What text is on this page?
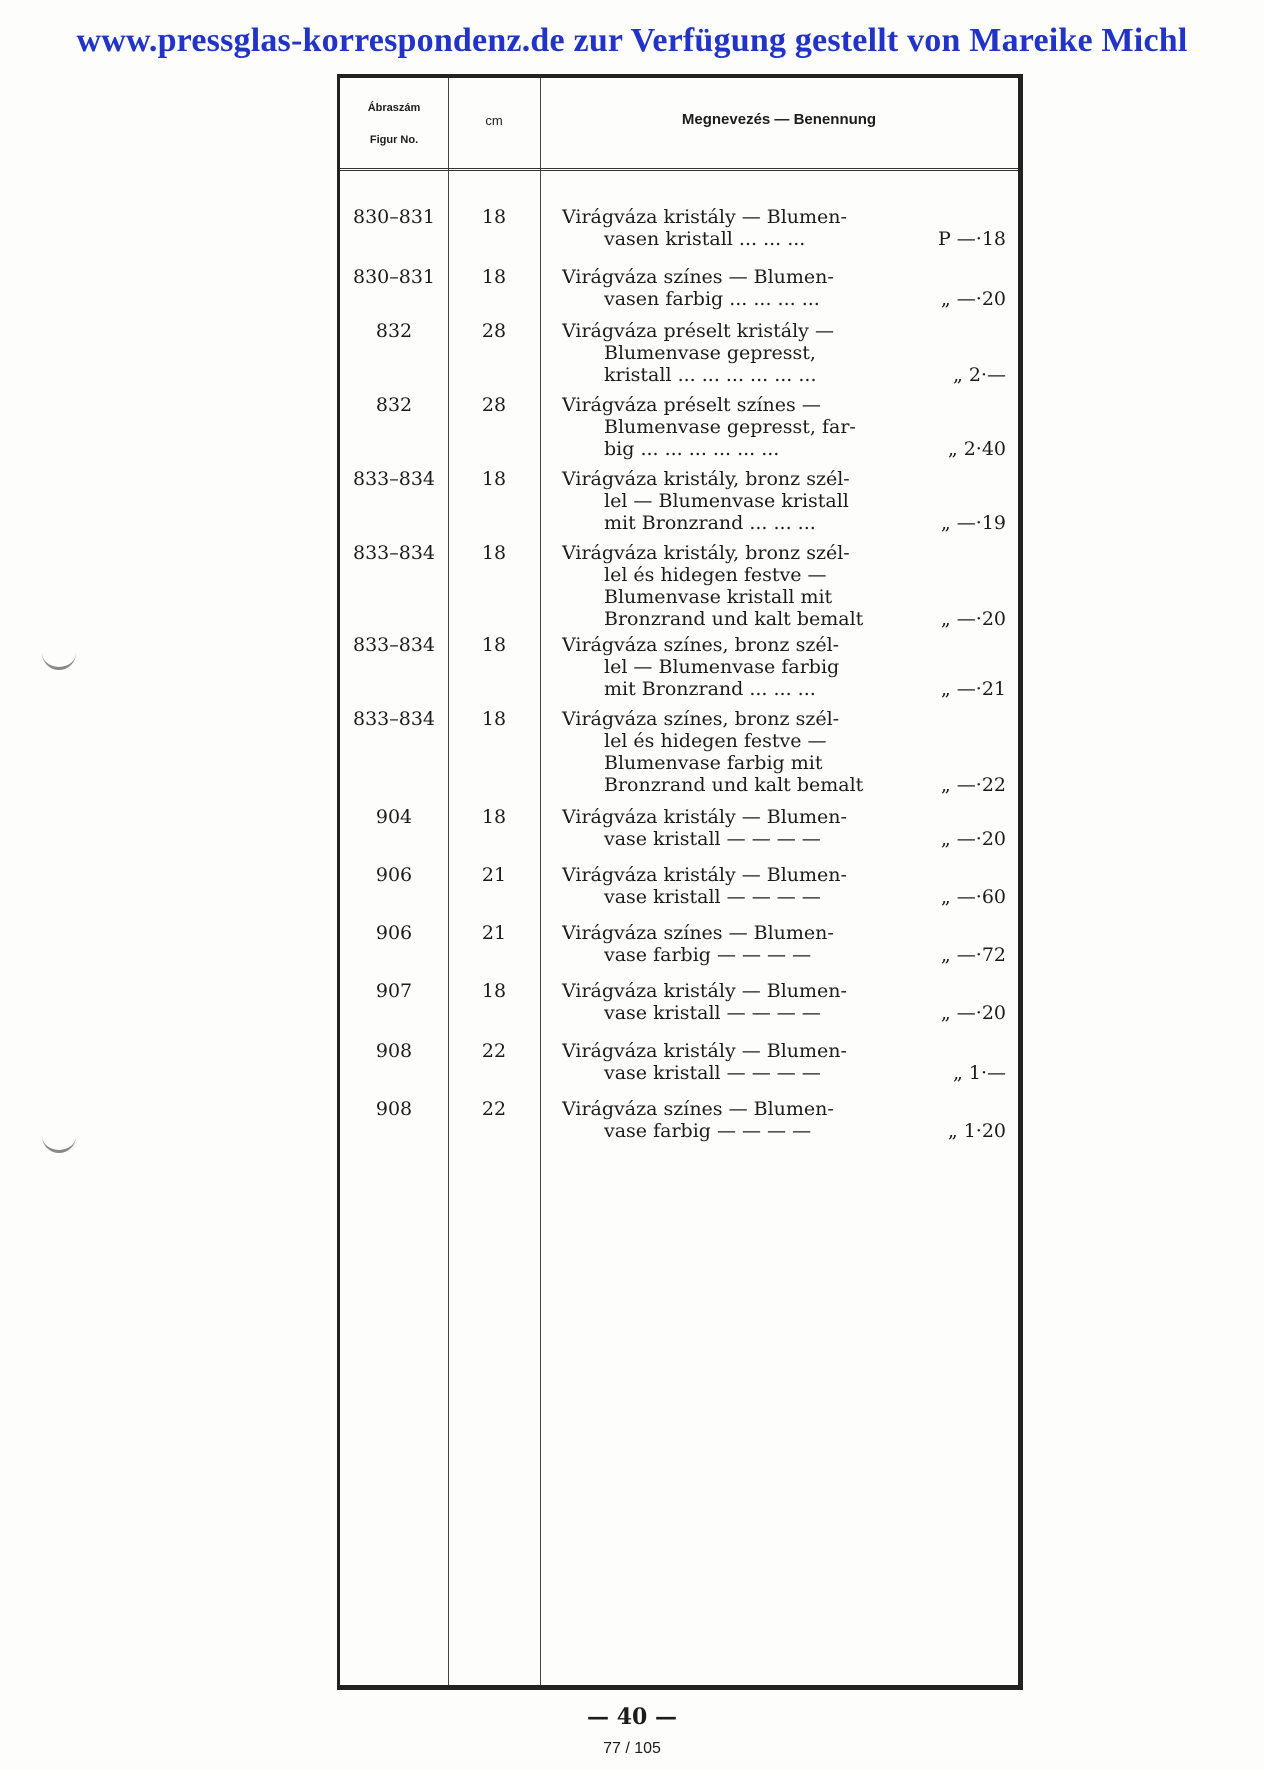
www.pressglas-korrespondenz.de zur Verfügung gestellt von Mareike Michl
Ábraszám
Figur No.
cm	Megnevezés — Benennung
830–831	18	Virágváza kristály — Blumen-
vasen kristall ... ... ...	P —·18
830–831	18	Virágváza színes — Blumen-
vasen farbig ... ... ... ...	„ —·20
832	28	Virágváza préselt kristály —
Blumenvase gepresst,
kristall ... ... ... ... ... ...	„ 2·—
832	28	Virágváza préselt színes —
Blumenvase gepresst, far-
big ... ... ... ... ... ...	„ 2·40
833–834	18	Virágváza kristály, bronz szél-
lel — Blumenvase kristall
mit Bronzrand ... ... ...	„ —·19
833–834	18	Virágváza kristály, bronz szél-
lel és hidegen festve —
Blumenvase kristall mit
Bronzrand und kalt bemalt	„ —·20
833–834	18	Virágváza színes, bronz szél-
lel — Blumenvase farbig
mit Bronzrand ... ... ...	„ —·21
833–834	18	Virágváza színes, bronz szél-
lel és hidegen festve —
Blumenvase farbig mit
Bronzrand und kalt bemalt	„ —·22
904	18	Virágváza kristály — Blumen-
vase kristall — — — —	„ —·20
906	21	Virágváza kristály — Blumen-
vase kristall — — — —	„ —·60
906	21	Virágváza színes — Blumen-
vase farbig — — — —	„ —·72
907	18	Virágváza kristály — Blumen-
vase kristall — — — —	„ —·20
908	22	Virágváza kristály — Blumen-
vase kristall — — — —	„ 1·—
908	22	Virágváza színes — Blumen-
vase farbig — — — —	„ 1·20
— 40 —
77 / 105
